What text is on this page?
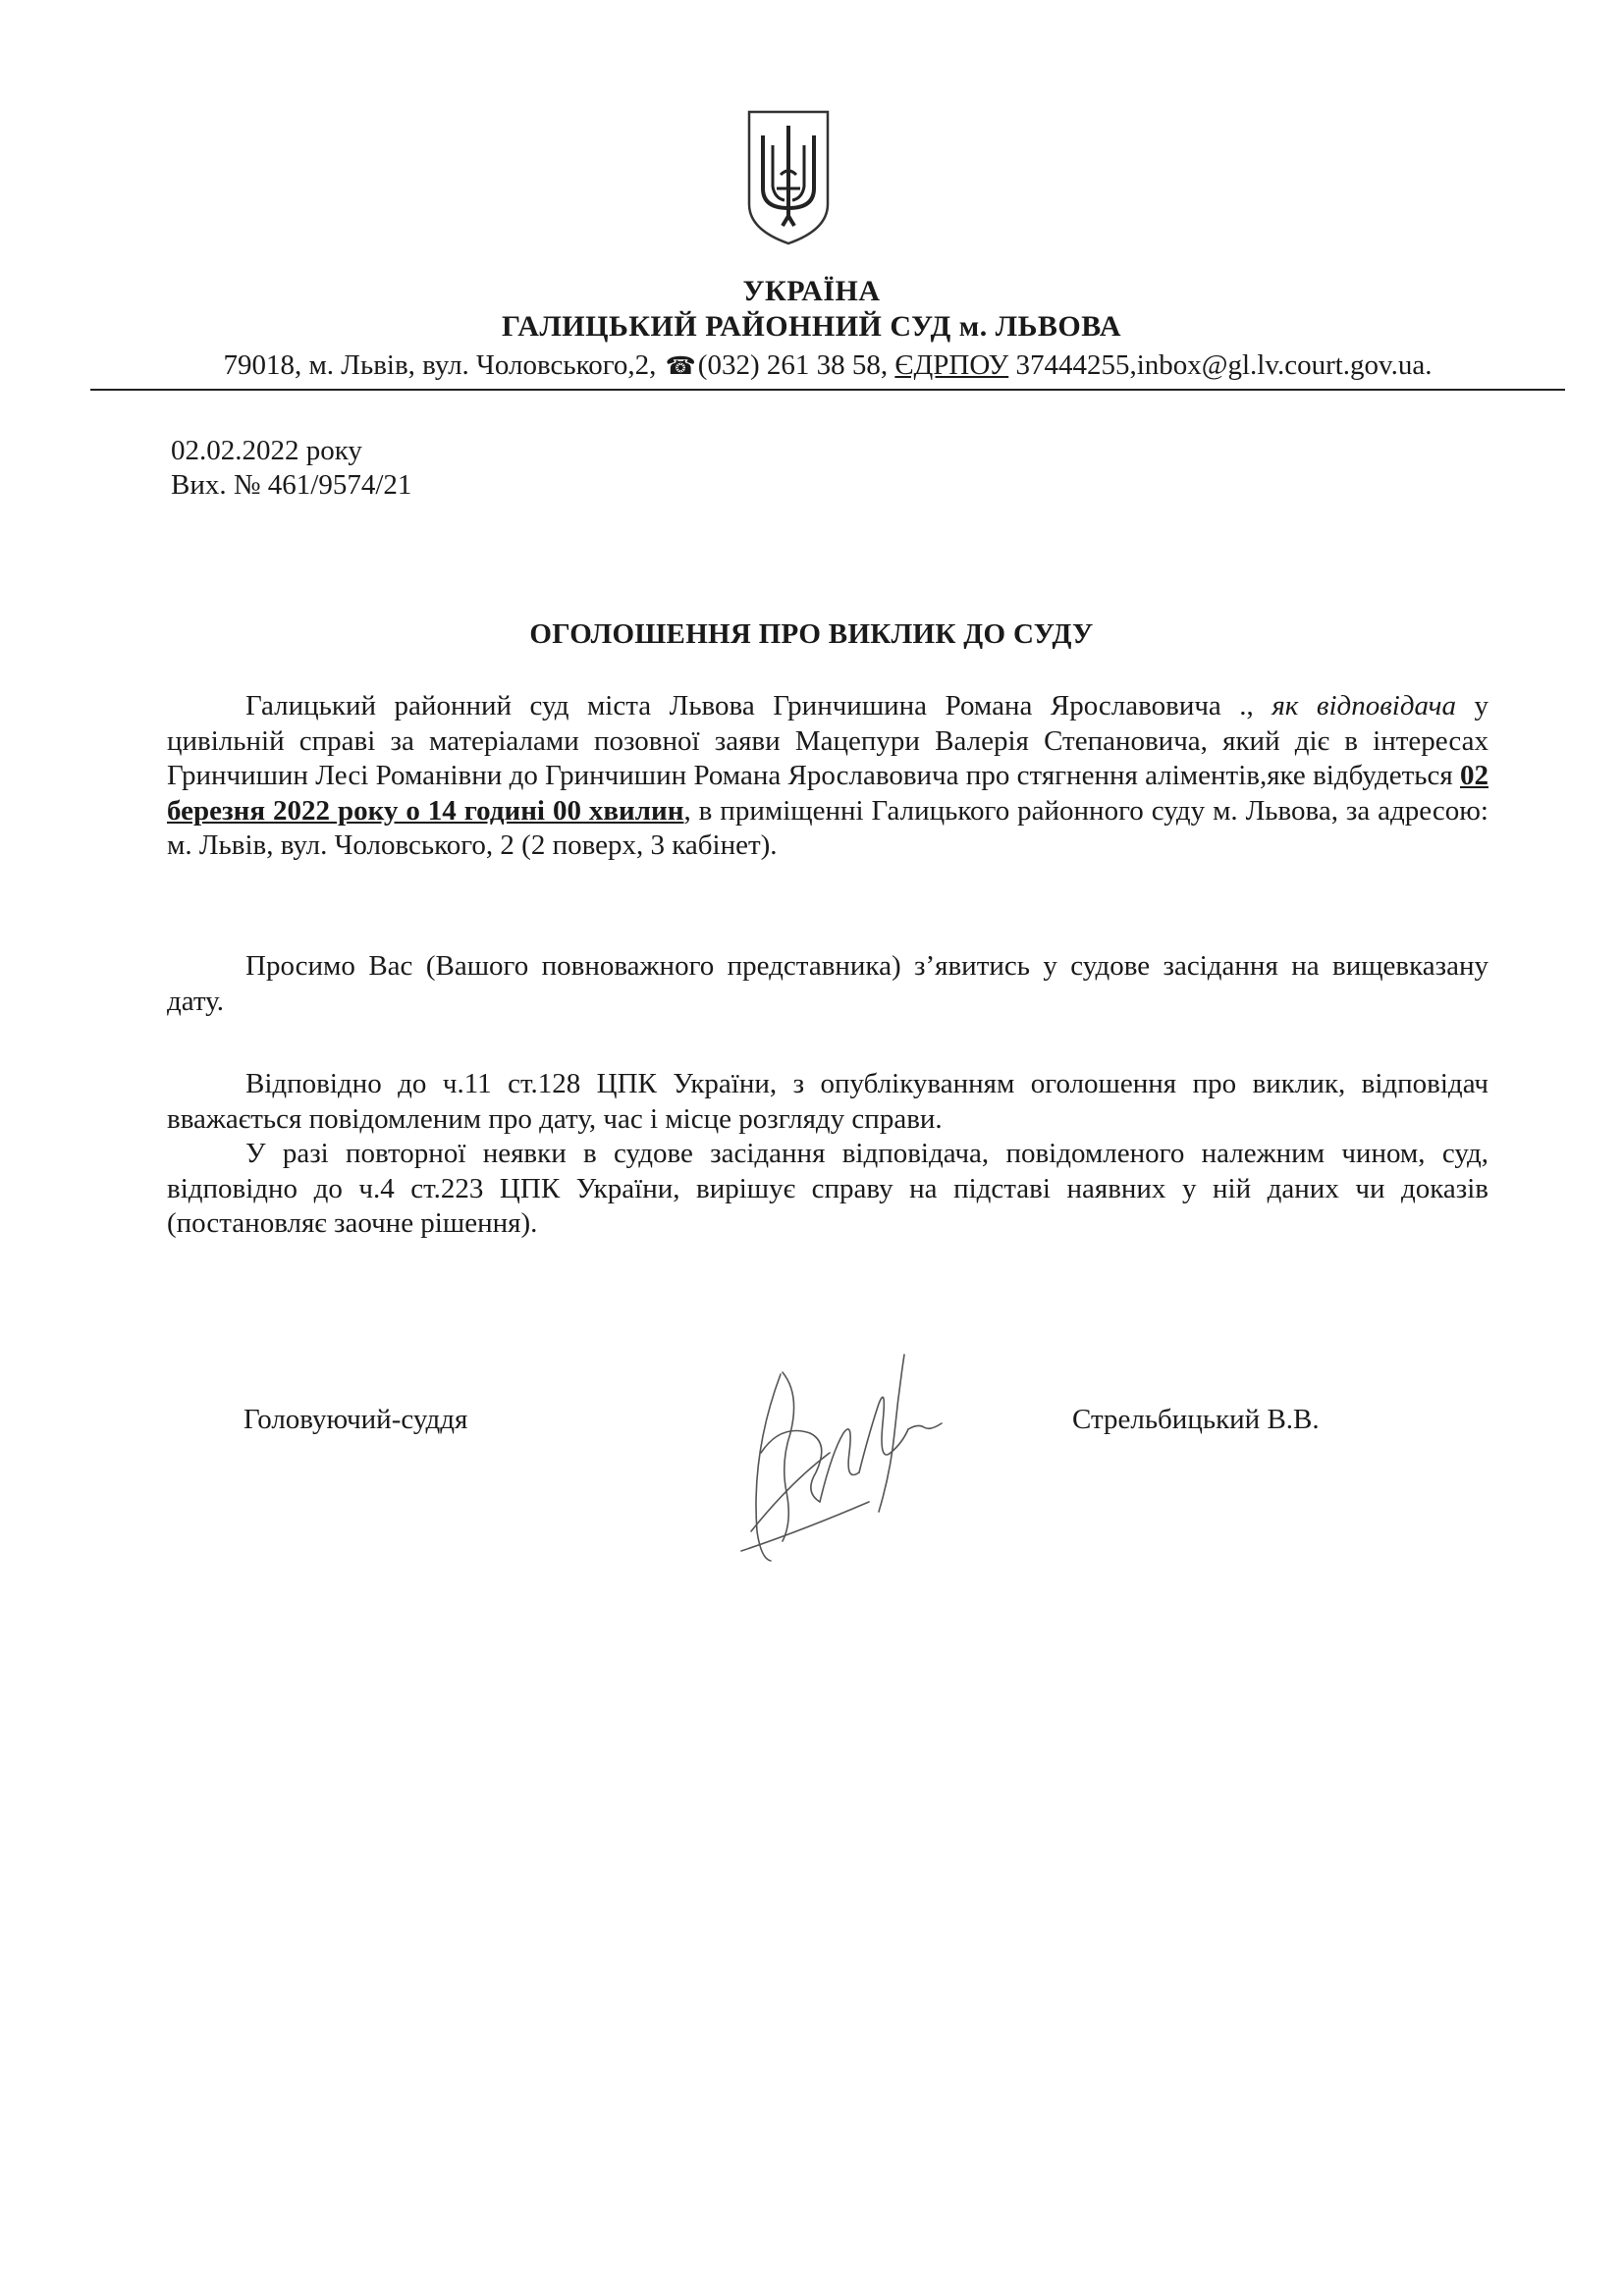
УКРАЇНА
ГАЛИЦЬКИЙ РАЙОННИЙ СУД м. ЛЬВОВА
79018, м. Львів, вул. Чоловського,2, ☎(032) 261 38 58, ЄДРПОУ 37444255,inbox@gl.lv.court.gov.ua.
02.02.2022 року
Вих. № 461/9574/21
ОГОЛОШЕННЯ ПРО ВИКЛИК ДО СУДУ

Галицький районний суд міста Львова Гринчишина Романа Ярославовича ., як відповідача у цивільній справі за матеріалами позовної заяви Мацепури Валерія Степановича, який діє в інтересах Гринчишин Лесі Романівни до Гринчишин Романа Ярославовича про стягнення аліментів,яке відбудеться 02 березня 2022 року о 14 годині 00 хвилин, в приміщенні Галицького районного суду м. Львова, за адресою: м. Львів, вул. Чоловського, 2 (2 поверх, 3 кабінет).

Просимо Вас (Вашого повноважного представника) з’явитись у судове засідання на вищевказану дату.

Відповідно до ч.11 ст.128 ЦПК України, з опублікуванням оголошення про виклик, відповідач вважається повідомленим про дату, час і місце розгляду справи.

У разі повторної неявки в судове засідання відповідача, повідомленого належним чином, суд, відповідно до ч.4 ст.223 ЦПК України, вирішує справу на підставі наявних у ній даних чи доказів (постановляє заочне рішення).

Головуючий-суддя	Стрельбицький В.В.
